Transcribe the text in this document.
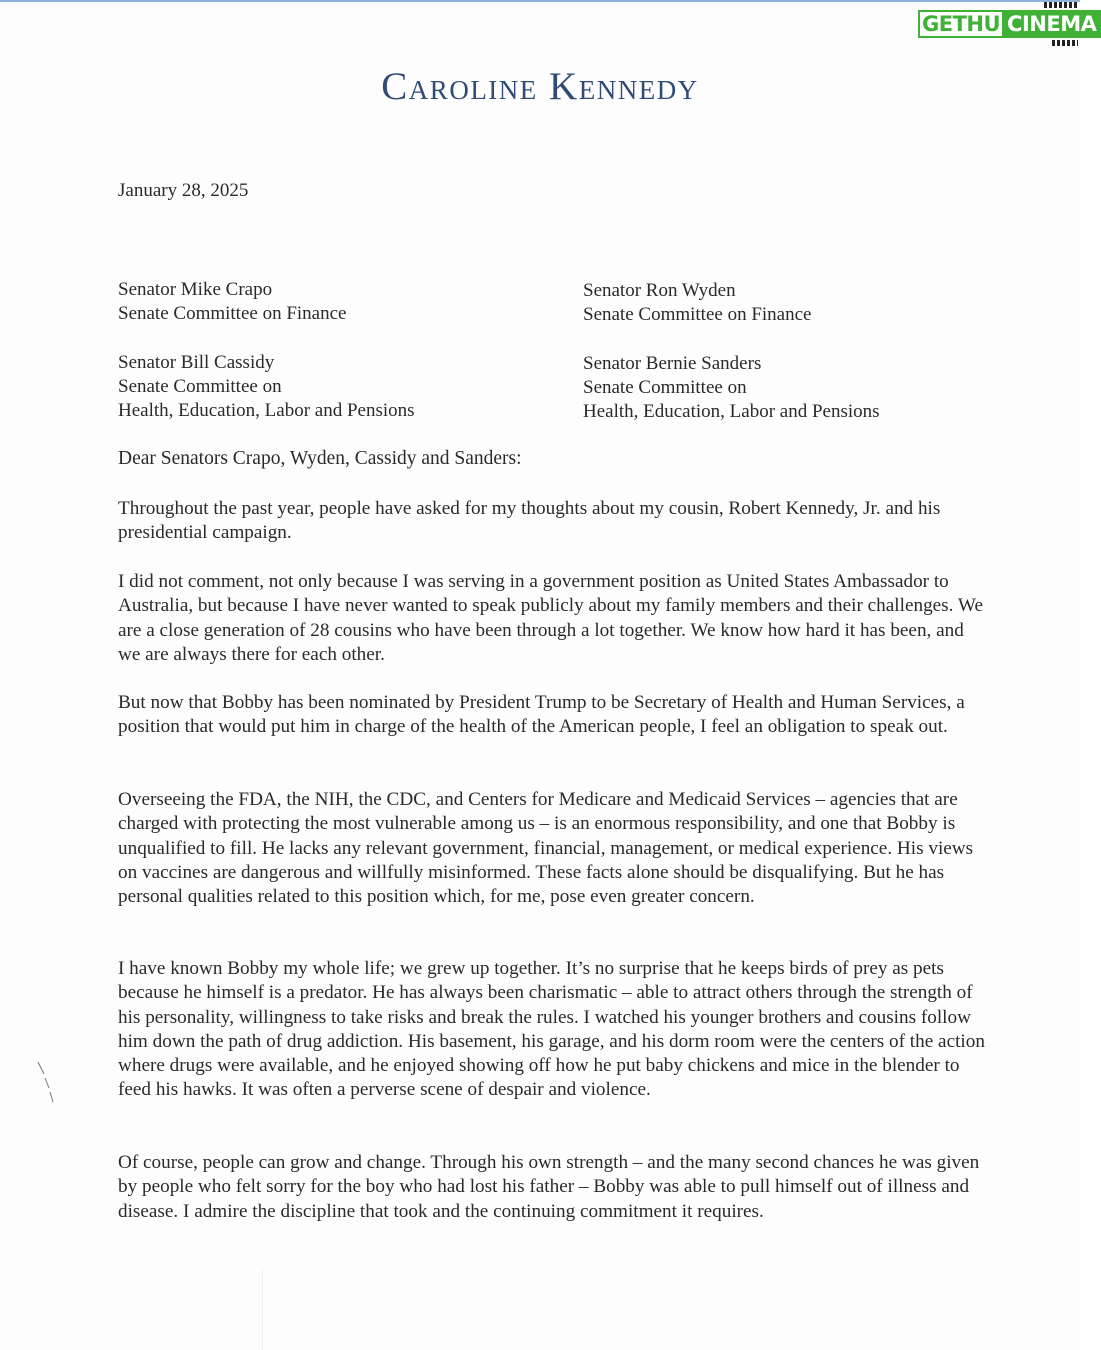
GETHU CINEMA
Caroline Kennedy
January 28, 2025
Senator Mike Crapo
Senate Committee on Finance
Senator Ron Wyden
Senate Committee on Finance
Senator Bill Cassidy
Senate Committee on
Health, Education, Labor and Pensions
Senator Bernie Sanders
Senate Committee on
Health, Education, Labor and Pensions
Dear Senators Crapo, Wyden, Cassidy and Sanders:

Throughout the past year, people have asked for my thoughts about my cousin, Robert Kennedy, Jr. and his presidential campaign.

I did not comment, not only because I was serving in a government position as United States Ambassador to Australia, but because I have never wanted to speak publicly about my family members and their challenges. We are a close generation of 28 cousins who have been through a lot together. We know how hard it has been, and we are always there for each other.

But now that Bobby has been nominated by President Trump to be Secretary of Health and Human Services, a position that would put him in charge of the health of the American people, I feel an obligation to speak out.

Overseeing the FDA, the NIH, the CDC, and Centers for Medicare and Medicaid Services – agencies that are charged with protecting the most vulnerable among us – is an enormous responsibility, and one that Bobby is unqualified to fill. He lacks any relevant government, financial, management, or medical experience. His views on vaccines are dangerous and willfully misinformed. These facts alone should be disqualifying. But he has personal qualities related to this position which, for me, pose even greater concern.

I have known Bobby my whole life; we grew up together. It’s no surprise that he keeps birds of prey as pets because he himself is a predator. He has always been charismatic – able to attract others through the strength of his personality, willingness to take risks and break the rules. I watched his younger brothers and cousins follow him down the path of drug addiction. His basement, his garage, and his dorm room were the centers of the action where drugs were available, and he enjoyed showing off how he put baby chickens and mice in the blender to feed his hawks. It was often a perverse scene of despair and violence.

Of course, people can grow and change. Through his own strength – and the many second chances he was given by people who felt sorry for the boy who had lost his father – Bobby was able to pull himself out of illness and disease. I admire the discipline that took and the continuing commitment it requires.
